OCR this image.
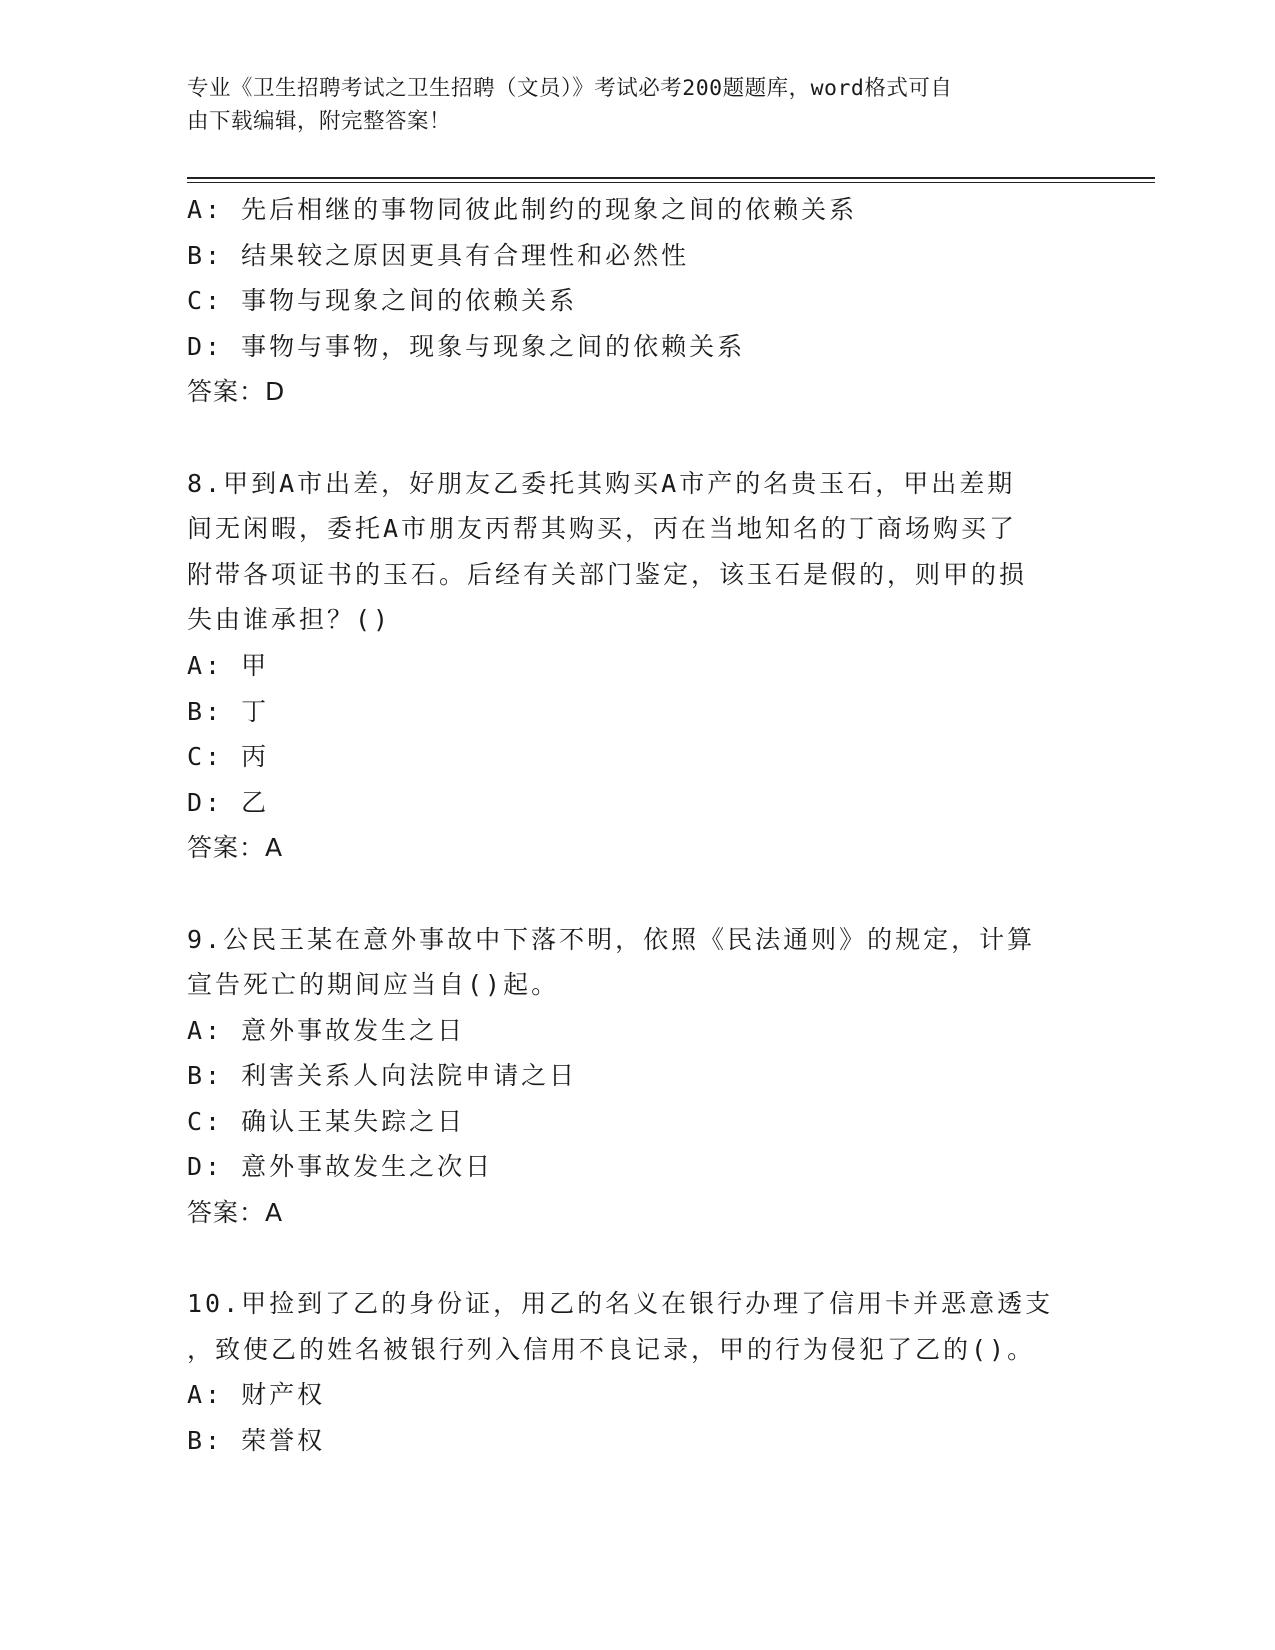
专业《卫生招聘考试之卫生招聘（文员）》考试必考200题题库，word格式可自
由下载编辑，附完整答案！
A: 先后相继的事物同彼此制约的现象之间的依赖关系
B: 结果较之原因更具有合理性和必然性
C: 事物与现象之间的依赖关系
D: 事物与事物，现象与现象之间的依赖关系
答案：D
8.甲到A市出差，好朋友乙委托其购买A市产的名贵玉石，甲出差期
间无闲暇，委托A市朋友丙帮其购买，丙在当地知名的丁商场购买了
附带各项证书的玉石。后经有关部门鉴定，该玉石是假的，则甲的损
失由谁承担？()
A: 甲
B: 丁
C: 丙
D: 乙
答案：A
9.公民王某在意外事故中下落不明，依照《民法通则》的规定，计算
宣告死亡的期间应当自()起。
A: 意外事故发生之日
B: 利害关系人向法院申请之日
C: 确认王某失踪之日
D: 意外事故发生之次日
答案：A
10.甲捡到了乙的身份证，用乙的名义在银行办理了信用卡并恶意透支
，致使乙的姓名被银行列入信用不良记录，甲的行为侵犯了乙的()。
A: 财产权
B: 荣誉权
